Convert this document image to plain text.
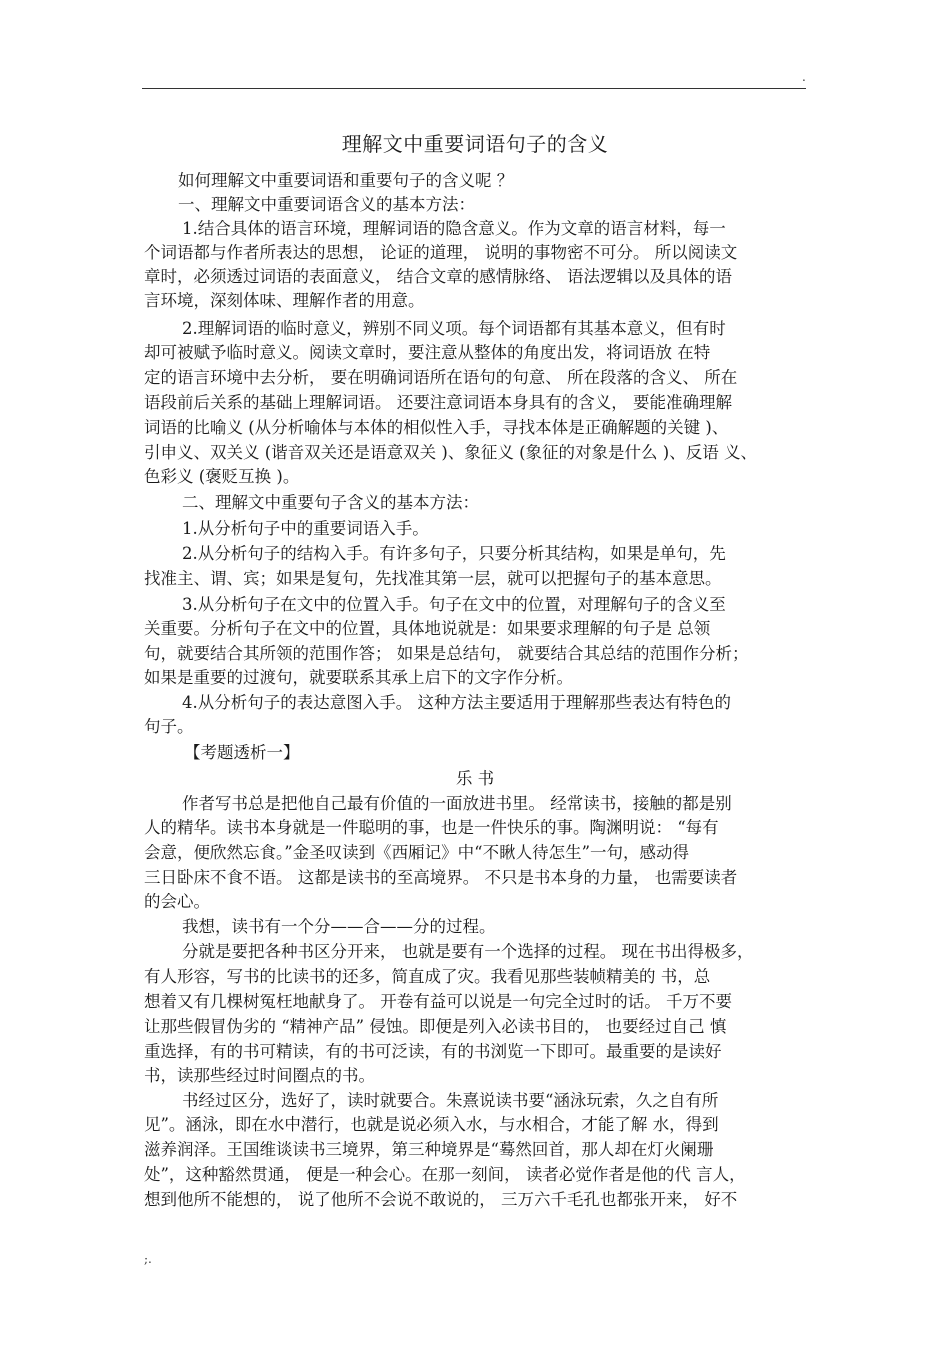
.
理解文中重要词语句子的含义
如何理解文中重要词语和重要句子的含义呢 ？
一、理解文中重要词语含义的基本方法：
1.结合具体的语言环境，理解词语的隐含意义。作为文章的语言材料，每一
个词语都与作者所表达的思想， 论证的道理， 说明的事物密不可分。 所以阅读文
章时，必须透过词语的表面意义， 结合文章的感情脉络、 语法逻辑以及具体的语
言环境，深刻体味、理解作者的用意。
2.理解词语的临时意义，辨别不同义项。每个词语都有其基本意义，但有时
却可被赋予临时意义。阅读文章时，要注意从整体的角度出发，将词语放 在特
定的语言环境中去分析， 要在明确词语所在语句的句意、 所在段落的含义、 所在
语段前后关系的基础上理解词语。 还要注意词语本身具有的含义， 要能准确理解
词语的比喻义 (从分析喻体与本体的相似性入手，寻找本体是正确解题的关键 )、
引申义、双关义 (谐音双关还是语意双关 )、象征义 (象征的对象是什么 )、反语 义、
色彩义 (褒贬互换 )。
二、理解文中重要句子含义的基本方法：
1.从分析句子中的重要词语入手。
2.从分析句子的结构入手。有许多句子，只要分析其结构，如果是单句，先
找准主、谓、宾；如果是复句，先找准其第一层，就可以把握句子的基本意思。
3.从分析句子在文中的位置入手。句子在文中的位置，对理解句子的含义至
关重要。分析句子在文中的位置，具体地说就是：如果要求理解的句子是 总领
句，就要结合其所领的范围作答； 如果是总结句， 就要结合其总结的范围作分析；
如果是重要的过渡句，就要联系其承上启下的文字作分析。
4.从分析句子的表达意图入手。 这种方法主要适用于理解那些表达有特色的
句子。
【考题透析一】
乐 书
作者写书总是把他自己最有价值的一面放进书里。 经常读书，接触的都是别
人的精华。读书本身就是一件聪明的事，也是一件快乐的事。陶渊明说： “每有
会意，便欣然忘食。”金圣叹读到《西厢记》中“不瞅人待怎生”一句，感动得
三日卧床不食不语。 这都是读书的至高境界。 不只是书本身的力量， 也需要读者
的会心。
我想，读书有一个分——合——分的过程。
分就是要把各种书区分开来， 也就是要有一个选择的过程。 现在书出得极多，
有人形容，写书的比读书的还多，简直成了灾。我看见那些装帧精美的 书，总
想着又有几棵树冤枉地献身了。 开卷有益可以说是一句完全过时的话。 千万不要
让那些假冒伪劣的 “精神产品” 侵蚀。即便是列入必读书目的， 也要经过自己 慎
重选择，有的书可精读，有的书可泛读，有的书浏览一下即可。最重要的是读好
书，读那些经过时间圈点的书。
书经过区分，选好了，读时就要合。朱熹说读书要“涵泳玩索，久之自有所
见”。涵泳，即在水中潜行，也就是说必须入水，与水相合，才能了解 水，得到
滋养润泽。王国维谈读书三境界，第三种境界是“蓦然回首，那人却在灯火阑珊
处”，这种豁然贯通， 便是一种会心。在那一刻间， 读者必觉作者是他的代 言人，
想到他所不能想的， 说了他所不会说不敢说的， 三万六千毛孔也都张开来， 好不
;.
